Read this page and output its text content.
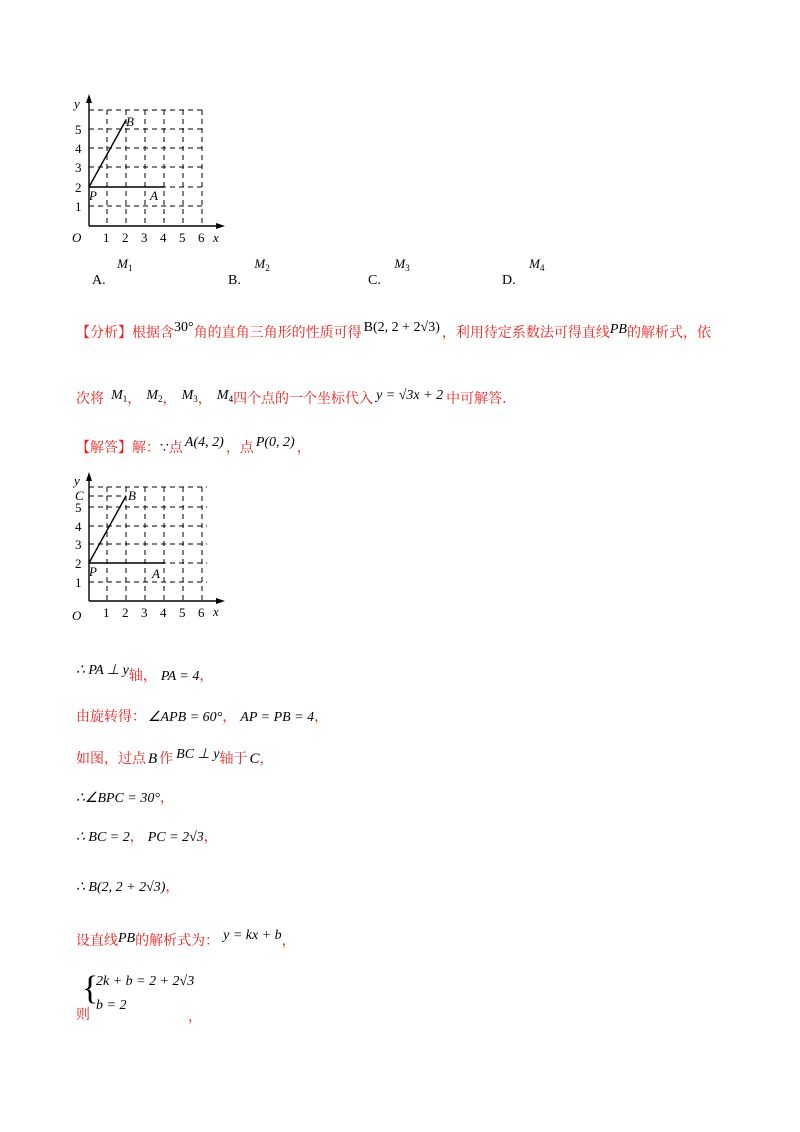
y
x
O 1 2 3 4 5 6
1
2
3
4
5
B
P	A
A. $M_1$
B. $M_2$
C. $M_3$
D. $M_4$
【分析】根据含30°角的直角三角形的性质可得 B(2, 2 + 2√3) ，利用待定系数法可得直线PB的解析式，依
次将 $M_1$， $M_2$， $M_3$， $M_4$四个点的一个坐标代入 y = √3x + 2 中可解答.
【解答】解：∵点 A(4, 2) ，点 P(0, 2) ，
y
x
O 1 2 3 4 5 6
1
2
3
4
5
C	B
P	A
∴ PA ⊥ y轴， PA = 4，
由旋转得： ∠APB = 60°， AP = PB = 4，
如图，过点 B 作 BC ⊥ y轴于 C，
∴∠BPC = 30°，
∴ BC = 2， PC = 2√3，
∴ B(2, 2 + 2√3)，
设直线PB的解析式为： y = kx + b，
则
{
2k + b = 2 + 2√3
b = 2
，
